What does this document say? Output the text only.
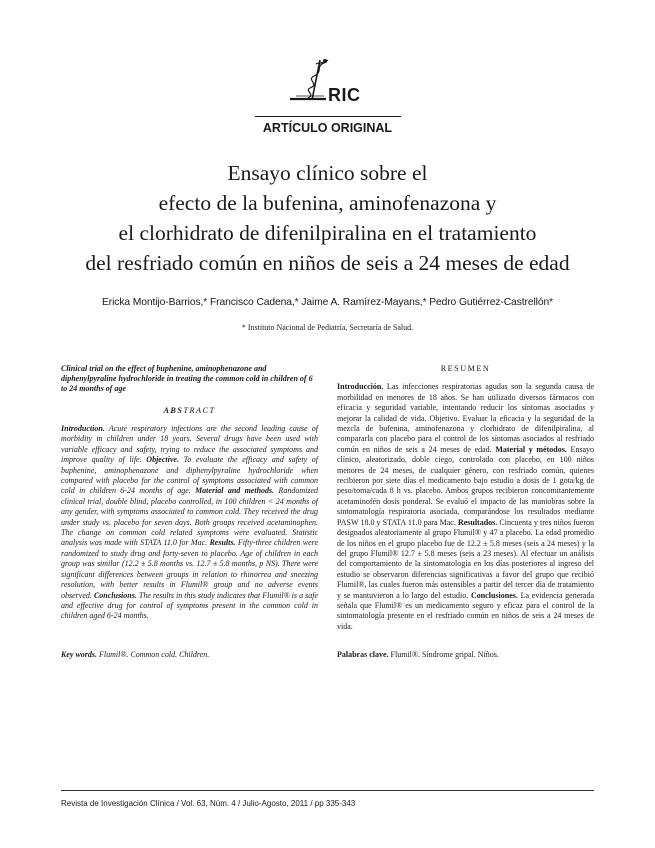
RIC
ARTÍCULO ORIGINAL
Ensayo clínico sobre el
efecto de la bufenina, aminofenazona y
el clorhidrato de difenilpiralina en el tratamiento
del resfriado común en niños de seis a 24 meses de edad
Ericka Montijo-Barrios,* Francisco Cadena,* Jaime A. Ramírez-Mayans,* Pedro Gutiérrez-Castrellón*
* Instituto Nacional de Pediatría, Secretaría de Salud.
Clinical trial on the effect of buphenine, aminophenazone and diphenylpyraline hydrochloride in treating the common cold in children of 6 to 24 months of age
ABSTRACT
Introduction. Acute respiratory infections are the second leading cause of morbidity in children under 18 years. Several drugs have been used with variable efficacy and safety, trying to reduce the associated symptoms and improve quality of life. Objective. To evaluate the efficacy and safety of buphenine, aminophenazone and diphenylpyraline hydrochloride when compared with placebo for the control of symptoms associated with common cold in children 6-24 months of age. Material and methods. Randomized clinical trial, double blind, placebo controlled, in 100 children < 24 months of any gender, with symptoms associated to common cold. They received the drug under study vs. placebo for seven days. Both groups received acetaminophen. The change on common cold related symptoms were evaluated. Statistic analysis was made with STATA 11.0 for Mac. Results. Fifty-three children were randomized to study drug and forty-seven to placebo. Age of children in each group was similar (12.2 ± 5.8 months vs. 12.7 ± 5.8 months, p NS). There were significant differences between groups in relation to rhinorrea and sneezing resolution, with better results in Flumil® group and no adverse events observed. Conclusions. The results in this study indicates that Flumil® is a safe and effective drug for control of symptoms present in the common cold in children aged 6-24 months.
Key words. Flumil®. Common cold. Children.
RESUMEN
Introducción. Las infecciones respiratorias agudas son la segunda causa de morbilidad en menores de 18 años. Se han utilizado diversos fármacos con eficacia y seguridad variable, intentando reducir los síntomas asociados y mejorar la calidad de vida. Objetivo. Evaluar la eficacia y la seguridad de la mezcla de bufenina, aminofenazona y clorhidrato de difenilpiralina, al compararla con placebo para el control de los síntomas asociados al resfriado común en niños de seis a 24 meses de edad. Material y métodos. Ensayo clínico, aleatorizado, doble ciego, controlado con placebo, en 100 niños menores de 24 meses, de cualquier género, con resfriado común, quienes recibieron por siete días el medicamento bajo estudio a dosis de 1 gota/kg de peso/toma/cada 8 h vs. placebo. Ambos grupos recibieron concomitantemente acetaminofén dosis ponderal. Se evaluó el impacto de las maniobras sobre la sintomatología respiratoria asociada, comparándose los resultados mediante PASW 18.0 y STATA 11.0 para Mac. Resultados. Cincuenta y tres niños fueron designados aleatoriamente al grupo Flumil® y 47 a placebo. La edad promedio de los niños en el grupo placebo fue de 12.2 ± 5.8 meses (seis a 24 meses) y la del grupo Flumil® 12.7 ± 5.8 meses (seis a 23 meses). Al efectuar un análisis del comportamiento de la sintomatología en los días posteriores al ingreso del estudio se observaron diferencias significativas a favor del grupo que recibió Flumil®, las cuales fueron más ostensibles a partir del tercer día de tratamiento y se mantuvieron a lo largo del estudio. Conclusiones. La evidencia generada señala que Flumil® es un medicamento seguro y eficaz para el control de la sintomatología presente en el resfriado común en niños de seis a 24 meses de vida.
Palabras clave. Flumil®. Síndrome gripal. Niños.
Revista de Investigación Clínica / Vol. 63, Núm. 4 / Julio-Agosto, 2011 / pp 335-343
